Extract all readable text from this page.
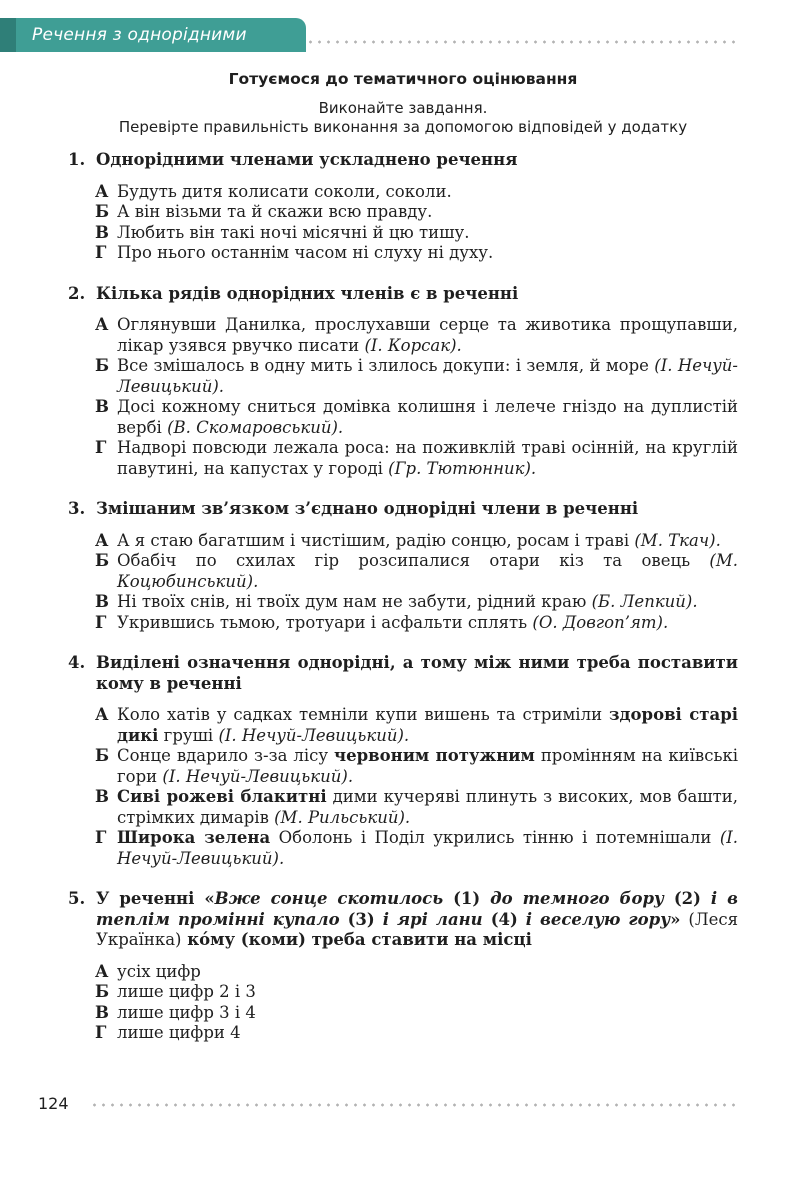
Речення з однорідними членами	Готуємося до тематичного оцінювання
Виконайте завдання.
Перевірте правильність виконання за допомогою відповідей у додатку
1. Однорідними членами ускладнено речення
А Будуть дитя колисати соколи, соколи.
Б А він візьми та й скажи всю правду.
В Любить він такі ночі місячні й цю тишу.
Г Про нього останнім часом ні слуху ні духу.
2. Кілька рядів однорідних членів є в реченні
А Оглянувши Данилка, прослухавши серце та животика прощупавши, лікар узявся рвучко писати (І. Корсак).
Б Все змішалось в одну мить і злилось докупи: і земля, й море (І. Нечуй-Левицький).
В Досі кожному сниться домівка колишня і лелече гніздо на дуплистій вербі (В. Скомаровський).
Г Надворі повсюди лежала роса: на поживклій траві осінній, на круглій павутині, на капустах у городі (Гр. Тютюнник).
3. Змішаним зв’язком з’єднано однорідні члени в реченні
А А я стаю багатшим і чистішим, радію сонцю, росам і траві (М. Ткач).
Б Обабіч по схилах гір розсипалися отари кіз та овець (М. Коцюбинський).
В Ні твоїх снів, ні твоїх дум нам не забути, рідний краю (Б. Лепкий).
Г Укрившись тьмою, тротуари і асфальти сплять (О. Довгоп’ят).
4. Виділені означення однорідні, а тому між ними треба поставити кому в реченні
А Коло хатів у садках темніли купи вишень та стриміли здорові старі дикі груші (І. Нечуй-Левицький).
Б Сонце вдарило з-за лісу червоним потужним промінням на київські гори (І. Нечуй-Левицький).
В Сиві рожеві блакитні дими кучеряві плинуть з високих, мов башти, стрімких димарів (М. Рильський).
Г Широка зелена Оболонь і Поділ укрились тінню і потемнішали (І. Нечуй-Левицький).
5. У реченні «Вже сонце скотилось (1) до темного бору (2) і в теплім промінні купало (3) і ярі лани (4) і веселую гору» (Леся Українка) кóму (коми) треба ставити на місці
А усіх цифр
Б лише цифр 2 і 3
В лише цифр 3 і 4
Г лише цифри 4
124
